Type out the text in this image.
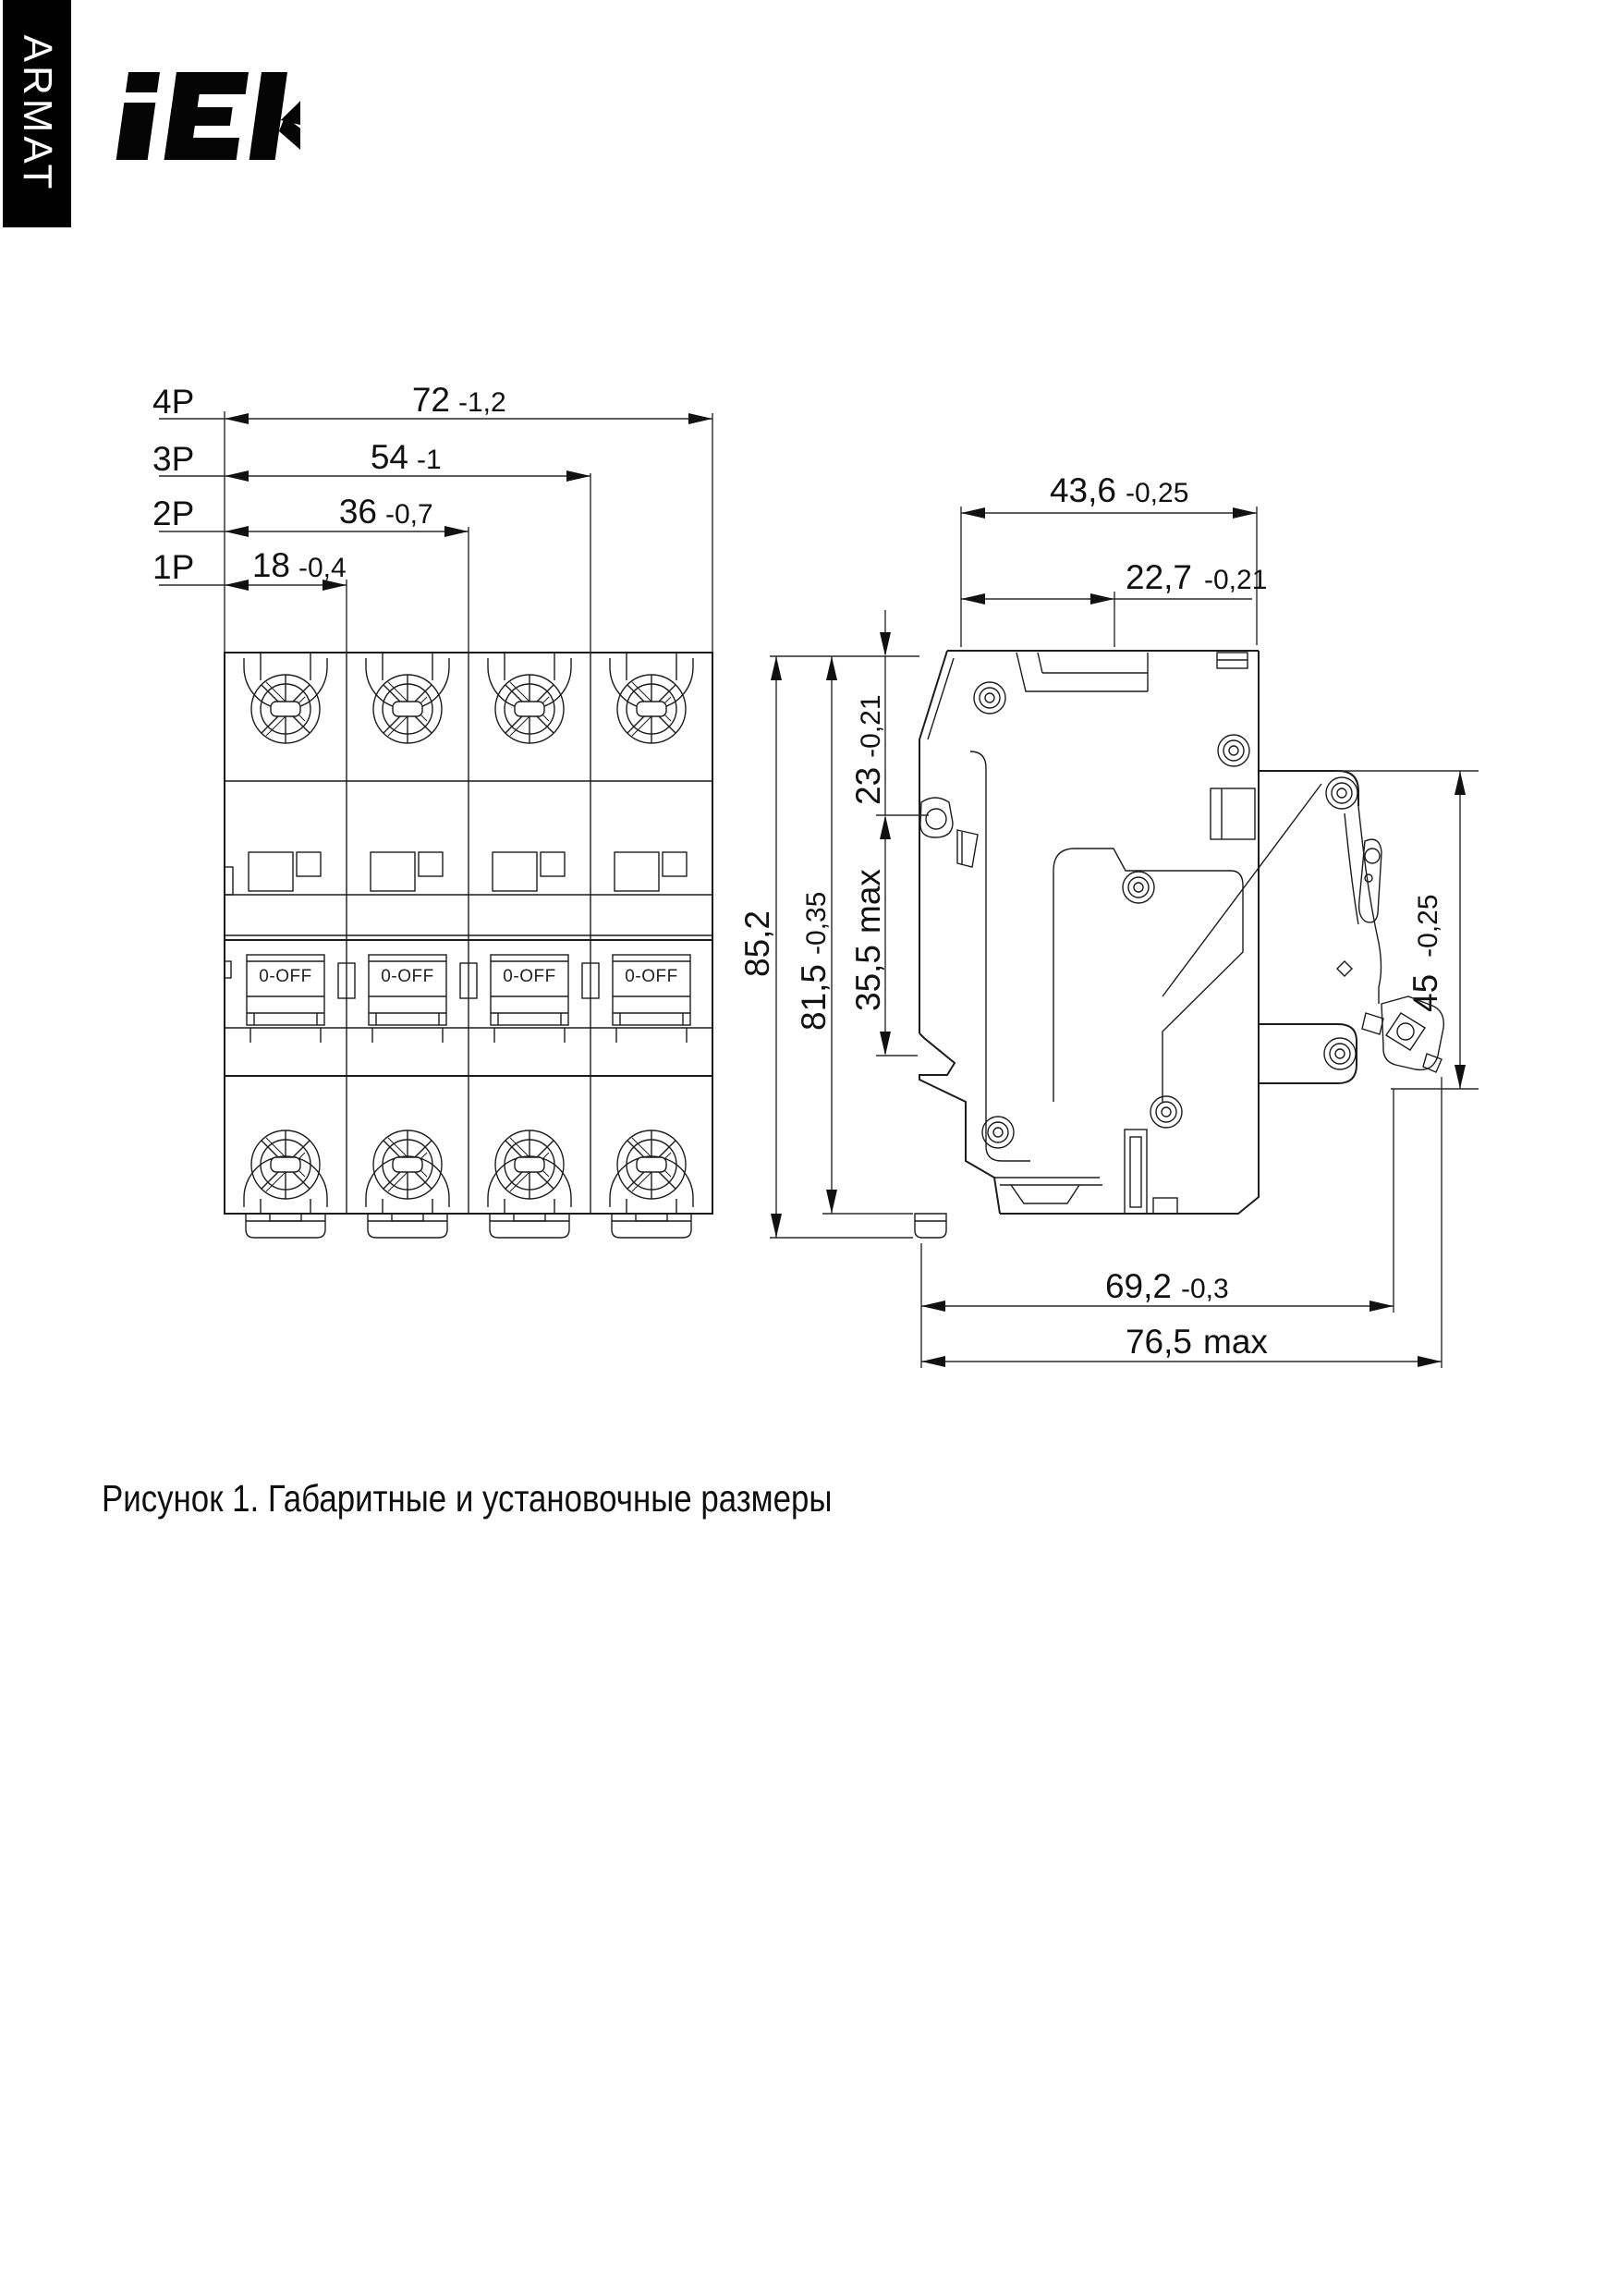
ARMAT
0-OFF	0-OFF	0-OFF	0-OFF
4P	72 -1,2
3P	54 -1
2P	36 -0,7
1P 18 -0,4
43,6 -0,25
22,7 -0,21
23-0,21
35,5max
81,5-0,35
85,2
45-0,25
69,2 -0,3
76,5 max
Рисунок 1. Габаритные и установочные размеры
